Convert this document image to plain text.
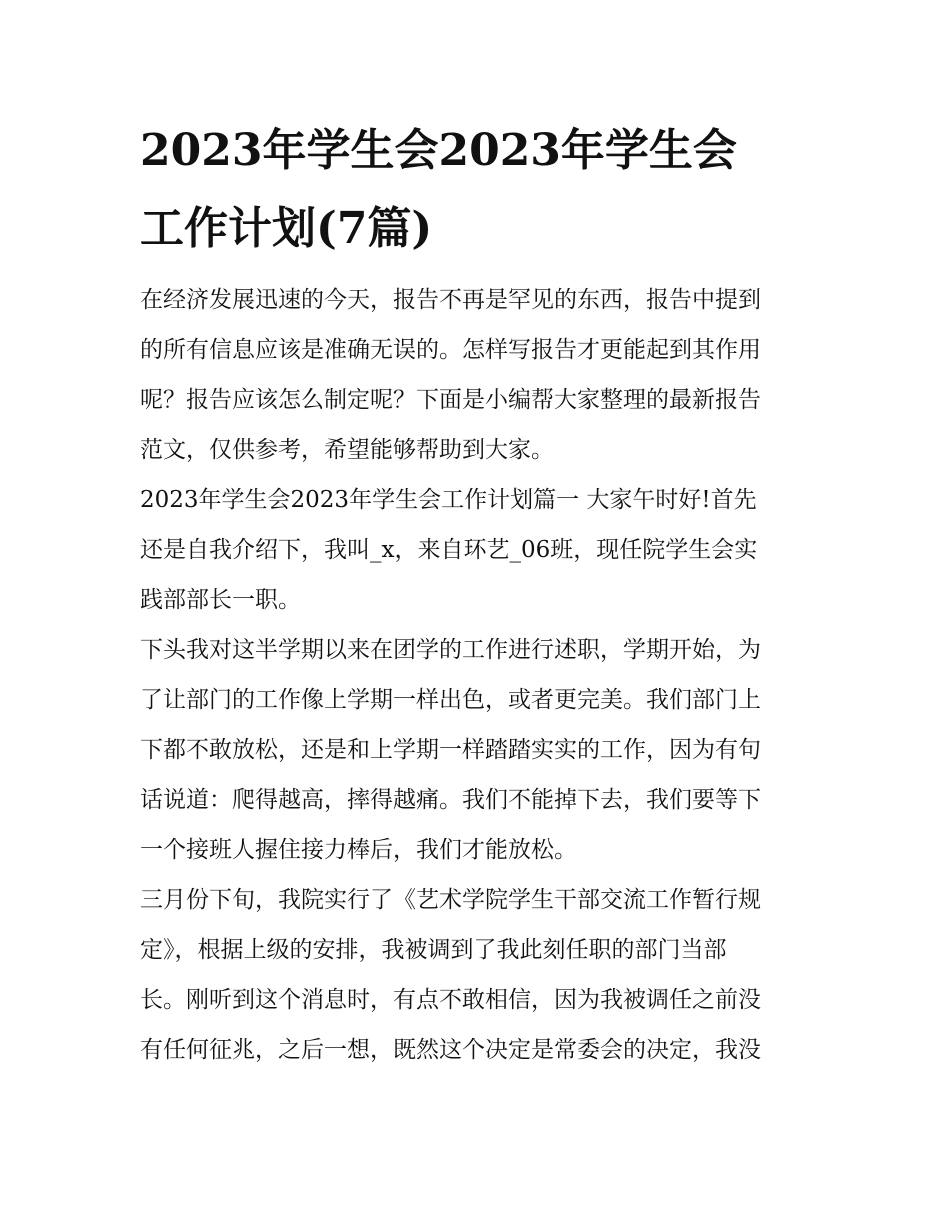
2023年学生会2023年学生会
工作计划(7篇)

在经济发展迅速的今天，报告不再是罕见的东西，报告中提到

的所有信息应该是准确无误的。怎样写报告才更能起到其作用

呢？报告应该怎么制定呢？下面是小编帮大家整理的最新报告

范文，仅供参考，希望能够帮助到大家。

2023年学生会2023年学生会工作计划篇一 大家午时好!首先

还是自我介绍下，我叫_x，来自环艺_06班，现任院学生会实

践部部长一职。

下头我对这半学期以来在团学的工作进行述职，学期开始，为

了让部门的工作像上学期一样出色，或者更完美。我们部门上

下都不敢放松，还是和上学期一样踏踏实实的工作，因为有句

话说道：爬得越高，摔得越痛。我们不能掉下去，我们要等下

一个接班人握住接力棒后，我们才能放松。

三月份下旬，我院实行了《艺术学院学生干部交流工作暂行规

定》，根据上级的安排，我被调到了我此刻任职的部门当部

长。刚听到这个消息时，有点不敢相信，因为我被调任之前没

有任何征兆，之后一想，既然这个决定是常委会的决定，我没
